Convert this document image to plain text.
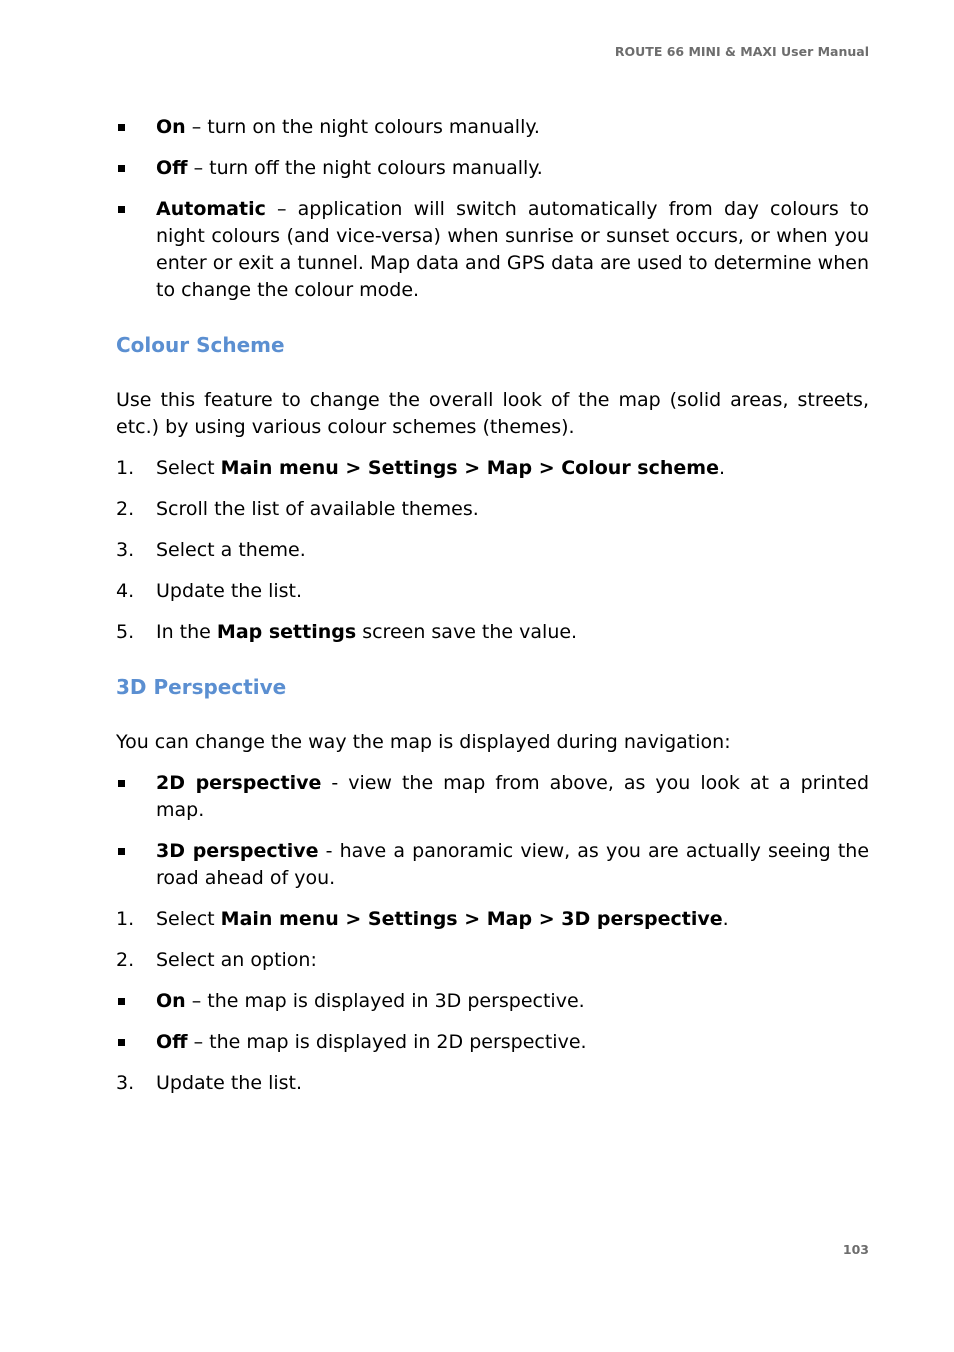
ROUTE 66 MINI & MAXI User Manual
On – turn on the night colours manually.
Off – turn off the night colours manually.
Automatic – application will switch automatically from day colours to night colours (and vice-versa) when sunrise or sunset occurs, or when you enter or exit a tunnel. Map data and GPS data are used to determine when to change the colour mode.
Colour Scheme
Use this feature to change the overall look of the map (solid areas, streets, etc.) by using various colour schemes (themes).
1. Select Main menu > Settings > Map > Colour scheme.
2. Scroll the list of available themes.
3. Select a theme.
4. Update the list.
5. In the Map settings screen save the value.
3D Perspective
You can change the way the map is displayed during navigation:
2D perspective - view the map from above, as you look at a printed map.
3D perspective - have a panoramic view, as you are actually seeing the road ahead of you.
1. Select Main menu > Settings > Map > 3D perspective.
2. Select an option:
On – the map is displayed in 3D perspective.
Off – the map is displayed in 2D perspective.
3. Update the list.
103
